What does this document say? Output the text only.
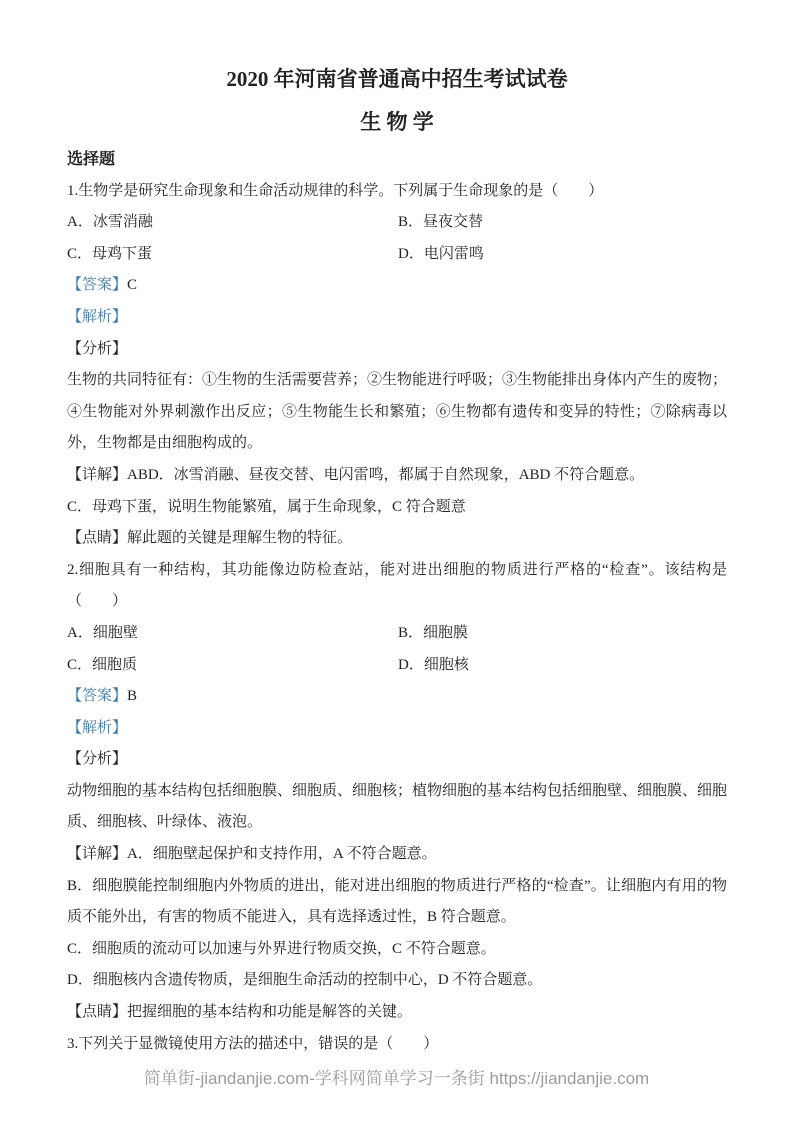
2020 年河南省普通高中招生考试试卷
生 物 学
选择题
1.生物学是研究生命现象和生命活动规律的科学。下列属于生命现象的是（　　）
A．冰雪消融	B．昼夜交替
C．母鸡下蛋	D．电闪雷鸣
【答案】C
【解析】
【分析】
生物的共同特征有：①生物的生活需要营养；②生物能进行呼吸；③生物能排出身体内产生的废物；④生物能对外界刺激作出反应；⑤生物能生长和繁殖；⑥生物都有遗传和变异的特性；⑦除病毒以外，生物都是由细胞构成的。
【详解】ABD．冰雪消融、昼夜交替、电闪雷鸣，都属于自然现象，ABD 不符合题意。
C．母鸡下蛋，说明生物能繁殖，属于生命现象，C 符合题意
【点睛】解此题的关键是理解生物的特征。
2.细胞具有一种结构，其功能像边防检查站，能对进出细胞的物质进行严格的“检查”。该结构是（　　）
A．细胞壁	B．细胞膜
C．细胞质	D．细胞核
【答案】B
【解析】
【分析】
动物细胞的基本结构包括细胞膜、细胞质、细胞核；植物细胞的基本结构包括细胞壁、细胞膜、细胞质、细胞核、叶绿体、液泡。
【详解】A．细胞壁起保护和支持作用，A 不符合题意。
B．细胞膜能控制细胞内外物质的进出，能对进出细胞的物质进行严格的“检查”。让细胞内有用的物质不能外出，有害的物质不能进入，具有选择透过性，B 符合题意。
C．细胞质的流动可以加速与外界进行物质交换，C 不符合题意。
D．细胞核内含遗传物质，是细胞生命活动的控制中心，D 不符合题意。
【点睛】把握细胞的基本结构和功能是解答的关键。
3.下列关于显微镜使用方法的描述中，错误的是（　　）
简单街-jiandanjie.com-学科网简单学习一条街 https://jiandanjie.com
